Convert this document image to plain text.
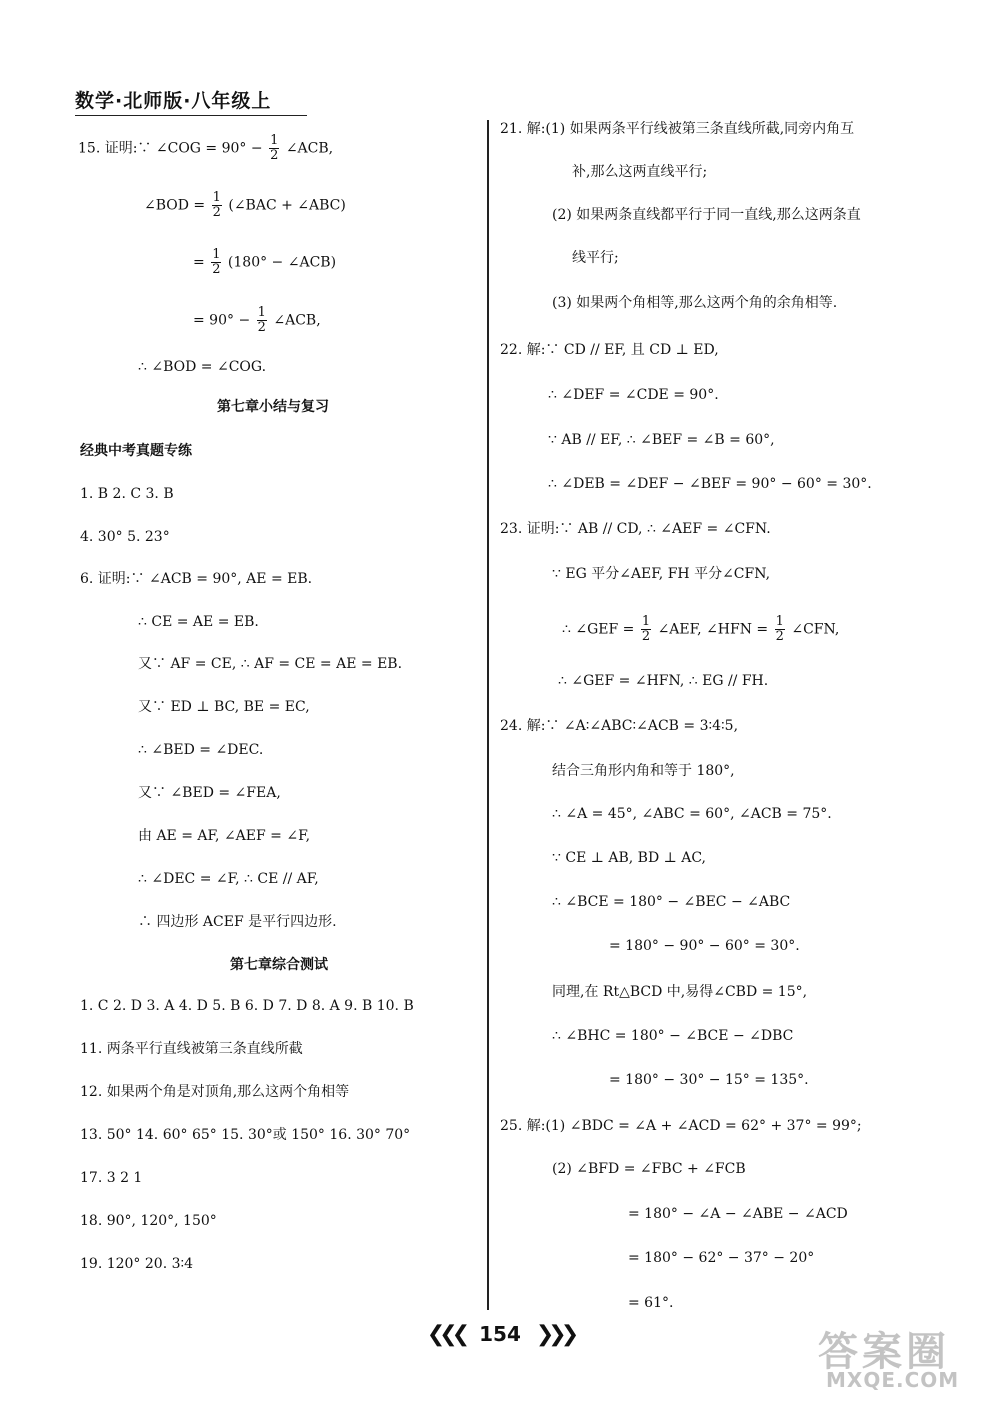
数学·北师版·八年级上
15. 证明:∵ ∠COG = $90^\circ - \frac{1}{2}$ ∠ACB,
∠BOD = $\frac{1}{2}$ (∠BAC + ∠ABC)
= $\frac{1}{2} (180^\circ$ − ∠ACB)
= $90^\circ - \frac{1}{2}$ ∠ACB,
∴ ∠BOD = ∠COG.
第七章小结与复习
经典中考真题专练
1. B 2. C 3. B
4. 30° 5. 23°
6. 证明:∵ ∠ACB = 90°, AE = EB.
∴ CE = AE = EB.
又∵ AF = CE, ∴ AF = CE = AE = EB.
又∵ ED ⊥ BC, BE = EC,
∴ ∠BED = ∠DEC.
又∵ ∠BED = ∠FEA,
由 AE = AF, ∠AEF = ∠F,
∴ ∠DEC = ∠F, ∴ CE // AF,
∴ 四边形 ACEF 是平行四边形.
第七章综合测试
1. C 2. D 3. A 4. D 5. B 6. D 7. D 8. A 9. B 10. B
11. 两条平行直线被第三条直线所截
12. 如果两个角是对顶角,那么这两个角相等
13. 50° 14. 60° 65° 15. 30°或 150° 16. 30° 70°
17. 3 2 1
18. 90°, 120°, 150°
19. 120° 20. 3∶4
21. 解:(1) 如果两条平行线被第三条直线所截,同旁内角互
补,那么这两直线平行;
(2) 如果两条直线都平行于同一直线,那么这两条直
线平行;
(3) 如果两个角相等,那么这两个角的余角相等.
22. 解:∵ CD // EF, 且 CD ⊥ ED,
∴ ∠DEF = ∠CDE = 90°.
∵ AB // EF, ∴ ∠BEF = ∠B = 60°,
∴ ∠DEB = ∠DEF − ∠BEF = 90° − 60° = 30°.
23. 证明:∵ AB // CD, ∴ ∠AEF = ∠CFN.
∵ EG 平分∠AEF, FH 平分∠CFN,
∴ ∠GEF = $\frac{1}{2}$ ∠AEF, ∠HFN = $\frac{1}{2}$ ∠CFN,
∴ ∠GEF = ∠HFN, ∴ EG // FH.
24. 解:∵ ∠A∶∠ABC∶∠ACB = 3∶4∶5,
结合三角形内角和等于 180°,
∴ ∠A = 45°, ∠ABC = 60°, ∠ACB = 75°.
∵ CE ⊥ AB, BD ⊥ AC,
∴ ∠BCE = 180° − ∠BEC − ∠ABC
= 180° − 90° − 60° = 30°.
同理,在 Rt△BCD 中,易得∠CBD = 15°,
∴ ∠BHC = 180° − ∠BCE − ∠DBC
= 180° − 30° − 15° = 135°.
25. 解:(1) ∠BDC = ∠A + ∠ACD = 62° + 37° = 99°;
(2) ∠BFD = ∠FBC + ∠FCB
= 180° − ∠A − ∠ABE − ∠ACD
= 180° − 62° − 37° − 20°
= 61°.
❮❮❮ 154 ❯❯❯	答案圈
MXQE.COM
